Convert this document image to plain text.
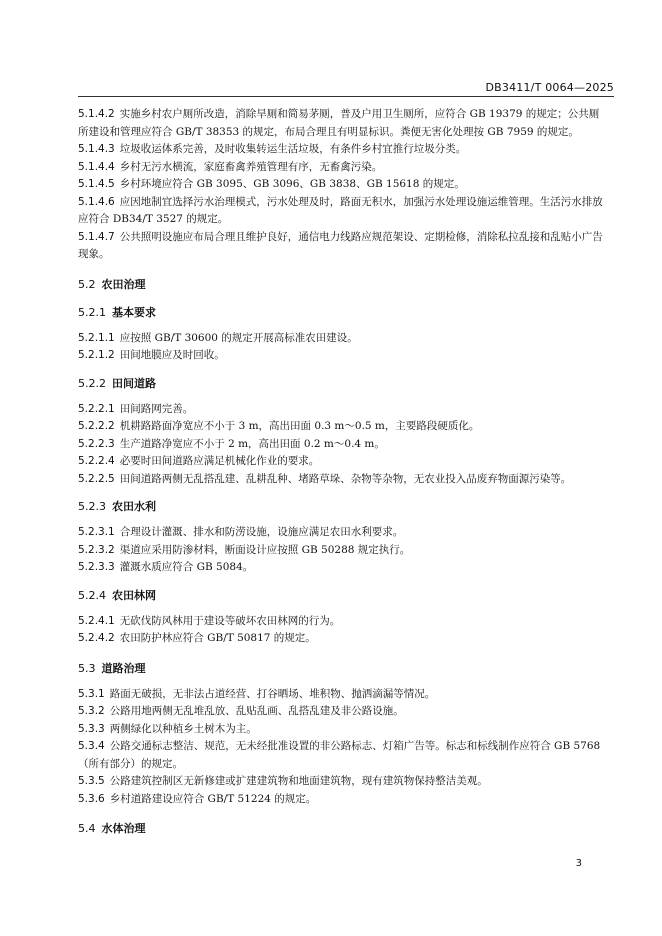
DB3411/T 0064—2025
5.1.4.2 实施乡村农户厕所改造，消除旱厕和简易茅厕，普及户用卫生厕所，应符合 GB 19379 的规定；公共厕所建设和管理应符合 GB/T 38353 的规定，布局合理且有明显标识。粪便无害化处理按 GB 7959 的规定。
5.1.4.3 垃圾收运体系完善，及时收集转运生活垃圾，有条件乡村宜推行垃圾分类。
5.1.4.4 乡村无污水横流，家庭畜禽养殖管理有序，无畜禽污染。
5.1.4.5 乡村环境应符合 GB 3095、GB 3096、GB 3838、GB 15618 的规定。
5.1.4.6 应因地制宜选择污水治理模式，污水处理及时，路面无积水，加强污水处理设施运维管理。生活污水排放应符合 DB34/T 3527 的规定。
5.1.4.7 公共照明设施应布局合理且维护良好，通信电力线路应规范架设、定期检修，消除私拉乱接和乱贴小广告现象。
5.2 农田治理
5.2.1 基本要求
5.2.1.1 应按照 GB/T 30600 的规定开展高标准农田建设。
5.2.1.2 田间地膜应及时回收。
5.2.2 田间道路
5.2.2.1 田间路网完善。
5.2.2.2 机耕路路面净宽应不小于 3 m，高出田面 0.3 m～0.5 m，主要路段硬质化。
5.2.2.3 生产道路净宽应不小于 2 m，高出田面 0.2 m～0.4 m。
5.2.2.4 必要时田间道路应满足机械化作业的要求。
5.2.2.5 田间道路两侧无乱搭乱建、乱耕乱种、堵路草垛、杂物等杂物，无农业投入品废弃物面源污染等。
5.2.3 农田水利
5.2.3.1 合理设计灌溉、排水和防涝设施，设施应满足农田水利要求。
5.2.3.2 渠道应采用防渗材料，断面设计应按照 GB 50288 规定执行。
5.2.3.3 灌溉水质应符合 GB 5084。
5.2.4 农田林网
5.2.4.1 无砍伐防风林用于建设等破坏农田林网的行为。
5.2.4.2 农田防护林应符合 GB/T 50817 的规定。
5.3 道路治理
5.3.1 路面无破损，无非法占道经营、打谷晒场、堆积物、抛洒滴漏等情况。
5.3.2 公路用地两侧无乱堆乱放、乱贴乱画、乱搭乱建及非公路设施。
5.3.3 两侧绿化以种植乡土树木为主。
5.3.4 公路交通标志整洁、规范，无未经批准设置的非公路标志、灯箱广告等。标志和标线制作应符合 GB 5768（所有部分）的规定。
5.3.5 公路建筑控制区无新修建或扩建建筑物和地面建筑物，现有建筑物保持整洁美观。
5.3.6 乡村道路建设应符合 GB/T 51224 的规定。
5.4 水体治理
3
